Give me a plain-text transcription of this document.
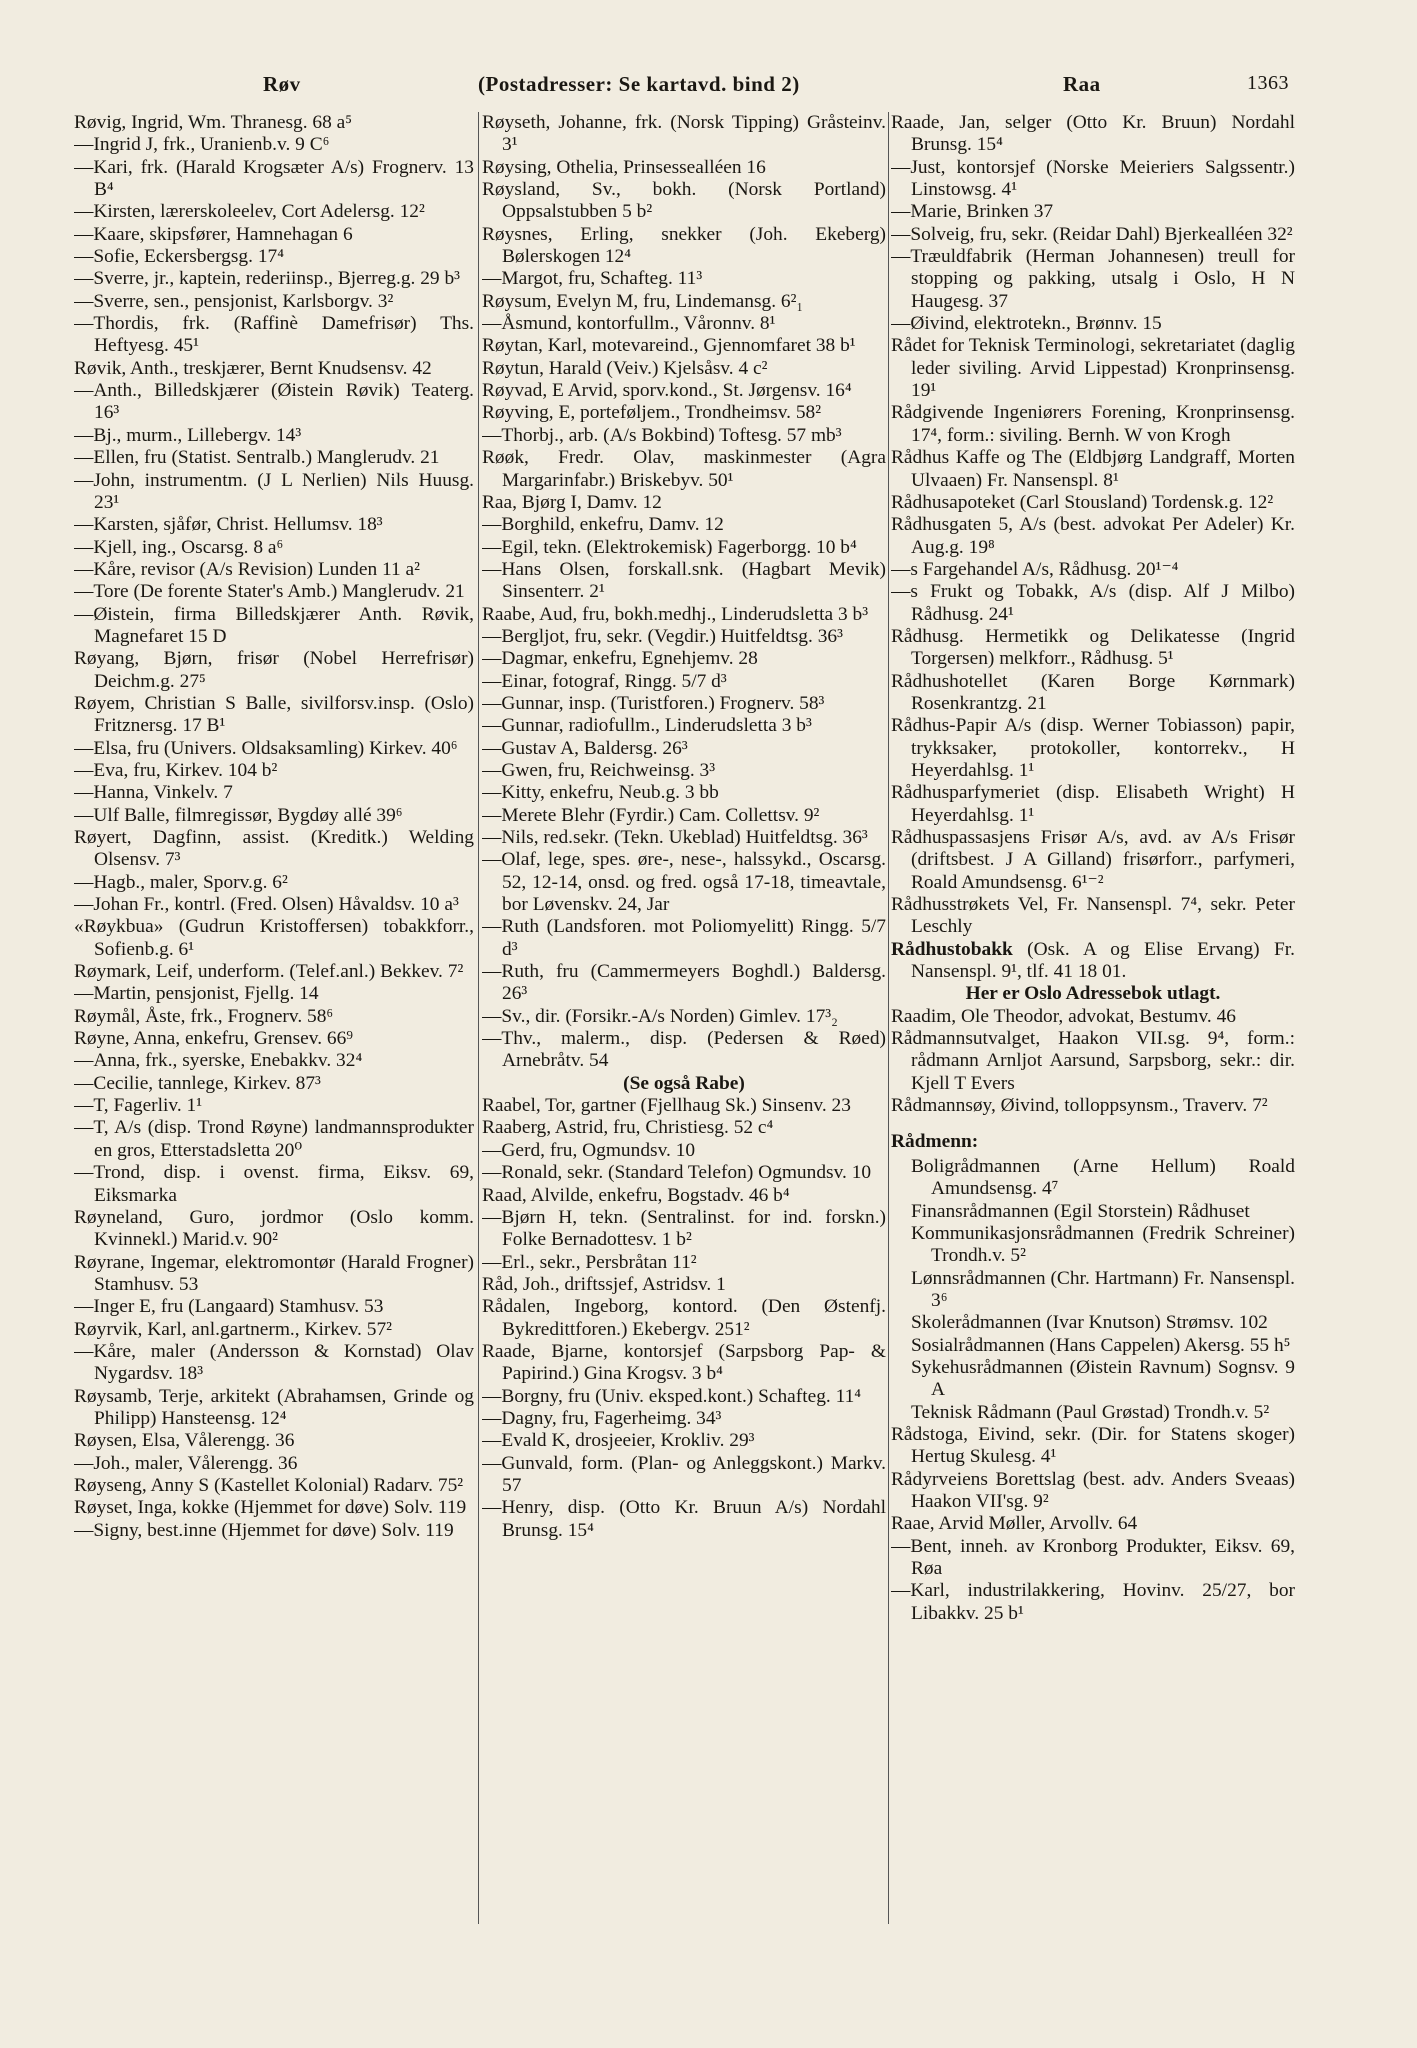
Røv	(Postadresser: Se kartavd. bind 2)	Raa	1363
Røvig, Ingrid, Wm. Thranesg. 68 a⁵
—Ingrid J, frk., Uranienb.v. 9 C⁶
—Kari, frk. (Harald Krogsæter A/s) Frognerv. 13 B⁴
—Kirsten, lærerskoleelev, Cort Adelersg. 12²
—Kaare, skipsfører, Hamnehagan 6
—Sofie, Eckersbergsg. 17⁴
—Sverre, jr., kaptein, rederiinsp., Bjerreg.g. 29 b³
—Sverre, sen., pensjonist, Karlsborgv. 3²
—Thordis, frk. (Raffinè Damefrisør) Ths. Heftyesg. 45¹
Røvik, Anth., treskjærer, Bernt Knudsensv. 42
—Anth., Billedskjærer (Øistein Røvik) Teaterg. 16³
—Bj., murm., Lillebergv. 14³
—Ellen, fru (Statist. Sentralb.) Manglerudv. 21
—John, instrumentm. (J L Nerlien) Nils Huusg. 23¹
—Karsten, sjåfør, Christ. Hellumsv. 18³
—Kjell, ing., Oscarsg. 8 a⁶
—Kåre, revisor (A/s Revision) Lunden 11 a²
—Tore (De forente Stater's Amb.) Manglerudv. 21
—Øistein, firma Billedskjærer Anth. Røvik, Magnefaret 15 D
Røyang, Bjørn, frisør (Nobel Herrefrisør) Deichm.g. 27⁵
Røyem, Christian S Balle, sivilforsv.insp. (Oslo) Fritznersg. 17 B¹
—Elsa, fru (Univers. Oldsaksamling) Kirkev. 40⁶
—Eva, fru, Kirkev. 104 b²
—Hanna, Vinkelv. 7
—Ulf Balle, filmregissør, Bygdøy allé 39⁶
Røyert, Dagfinn, assist. (Kreditk.) Welding Olsensv. 7³
—Hagb., maler, Sporv.g. 6²
—Johan Fr., kontrl. (Fred. Olsen) Håvaldsv. 10 a³
«Røykbua» (Gudrun Kristoffersen) tobakkforr., Sofienb.g. 6¹
Røymark, Leif, underform. (Telef.anl.) Bekkev. 7²
—Martin, pensjonist, Fjellg. 14
Røymål, Åste, frk., Frognerv. 58⁶
Røyne, Anna, enkefru, Grensev. 66⁹
—Anna, frk., syerske, Enebakkv. 32⁴
—Cecilie, tannlege, Kirkev. 87³
—T, Fagerliv. 1¹
—T, A/s (disp. Trond Røyne) landmannsprodukter en gros, Etterstadsletta 20⁰
—Trond, disp. i ovenst. firma, Eiksv. 69, Eiksmarka
Røyneland, Guro, jordmor (Oslo komm. Kvinnekl.) Marid.v. 90²
Røyrane, Ingemar, elektromontør (Harald Frogner) Stamhusv. 53
—Inger E, fru (Langaard) Stamhusv. 53
Røyrvik, Karl, anl.gartnerm., Kirkev. 57²
—Kåre, maler (Andersson & Kornstad) Olav Nygardsv. 18³
Røysamb, Terje, arkitekt (Abrahamsen, Grinde og Philipp) Hansteensg. 12⁴
Røysen, Elsa, Vålerengg. 36
—Joh., maler, Vålerengg. 36
Røyseng, Anny S (Kastellet Kolonial) Radarv. 75²
Røyset, Inga, kokke (Hjemmet for døve) Solv. 119
—Signy, best.inne (Hjemmet for døve) Solv. 119
Røyseth, Johanne, frk. (Norsk Tipping) Gråsteinv. 3¹
Røysing, Othelia, Prinsessealléen 16
Røysland, Sv., bokh. (Norsk Portland) Oppsalstubben 5 b²
Røysnes, Erling, snekker (Joh. Ekeberg) Bølerskogen 12⁴
—Margot, fru, Schafteg. 11³
Røysum, Evelyn M, fru, Lindemansg. 6²₁
—Åsmund, kontorfullm., Våronnv. 8¹
Røytan, Karl, motevareind., Gjennomfaret 38 b¹
Røytun, Harald (Veiv.) Kjelsåsv. 4 c²
Røyvad, E Arvid, sporv.kond., St. Jørgensv. 16⁴
Røyving, E, porteføljem., Trondheimsv. 58²
—Thorbj., arb. (A/s Bokbind) Toftesg. 57 mb³
Røøk, Fredr. Olav, maskinmester (Agra Margarinfabr.) Briskebyv. 50¹
Raa, Bjørg I, Damv. 12
—Borghild, enkefru, Damv. 12
—Egil, tekn. (Elektrokemisk) Fagerborgg. 10 b⁴
—Hans Olsen, forskall.snk. (Hagbart Mevik) Sinsenterr. 2¹
Raabe, Aud, fru, bokh.medhj., Linderudsletta 3 b³
—Bergljot, fru, sekr. (Vegdir.) Huitfeldtsg. 36³
—Dagmar, enkefru, Egnehjemv. 28
—Einar, fotograf, Ringg. 5/7 d³
—Gunnar, insp. (Turistforen.) Frognerv. 58³
—Gunnar, radiofullm., Linderudsletta 3 b³
—Gustav A, Baldersg. 26³
—Gwen, fru, Reichweinsg. 3³
—Kitty, enkefru, Neub.g. 3 bb
—Merete Blehr (Fyrdir.) Cam. Collettsv. 9²
—Nils, red.sekr. (Tekn. Ukeblad) Huitfeldtsg. 36³
—Olaf, lege, spes. øre-, nese-, halssykd., Oscarsg. 52, 12-14, onsd. og fred. også 17-18, timeavtale, bor Løvenskv. 24, Jar
—Ruth (Landsforen. mot Poliomyelitt) Ringg. 5/7 d³
—Ruth, fru (Cammermeyers Boghdl.) Baldersg. 26³
—Sv., dir. (Forsikr.-A/s Norden) Gimlev. 17³₂
—Thv., malerm., disp. (Pedersen & Røed) Arnebråtv. 54
(Se også Rabe)
Raabel, Tor, gartner (Fjellhaug Sk.) Sinsenv. 23
Raaberg, Astrid, fru, Christiesg. 52 c⁴
—Gerd, fru, Ogmundsv. 10
—Ronald, sekr. (Standard Telefon) Ogmundsv. 10
Raad, Alvilde, enkefru, Bogstadv. 46 b⁴
—Bjørn H, tekn. (Sentralinst. for ind. forskn.) Folke Bernadottesv. 1 b²
—Erl., sekr., Persbråtan 11²
Råd, Joh., driftssjef, Astridsv. 1
Rådalen, Ingeborg, kontord. (Den Østenfj. Bykredittforen.) Ekebergv. 251²
Raade, Bjarne, kontorsjef (Sarpsborg Pap- & Papirind.) Gina Krogsv. 3 b⁴
—Borgny, fru (Univ. eksped.kont.) Schafteg. 11⁴
—Dagny, fru, Fagerheimg. 34³
—Evald K, drosjeeier, Krokliv. 29³
—Gunvald, form. (Plan- og Anleggskont.) Markv. 57
—Henry, disp. (Otto Kr. Bruun A/s) Nordahl Brunsg. 15⁴
Raade, Jan, selger (Otto Kr. Bruun) Nordahl Brunsg. 15⁴
—Just, kontorsjef (Norske Meieriers Salgssentr.) Linstowsg. 4¹
—Marie, Brinken 37
—Solveig, fru, sekr. (Reidar Dahl) Bjerkealléen 32²
—Træuldfabrik (Herman Johannesen) treull for stopping og pakking, utsalg i Oslo, H N Haugesg. 37
—Øivind, elektrotekn., Brønnv. 15
Rådet for Teknisk Terminologi, sekretariatet (daglig leder siviling. Arvid Lippestad) Kronprinsensg. 19¹
Rådgivende Ingeniørers Forening, Kronprinsensg. 17⁴, form.: siviling. Bernh. W von Krogh
Rådhus Kaffe og The (Eldbjørg Landgraff, Morten Ulvaaen) Fr. Nansenspl. 8¹
Rådhusapoteket (Carl Stousland) Tordensk.g. 12²
Rådhusgaten 5, A/s (best. advokat Per Adeler) Kr. Aug.g. 19⁸
—s Fargehandel A/s, Rådhusg. 20¹⁻⁴
—s Frukt og Tobakk, A/s (disp. Alf J Milbo) Rådhusg. 24¹
Rådhusg. Hermetikk og Delikatesse (Ingrid Torgersen) melkforr., Rådhusg. 5¹
Rådhushotellet (Karen Borge Kørnmark) Rosenkrantzg. 21
Rådhus-Papir A/s (disp. Werner Tobiasson) papir, trykksaker, protokoller, kontorrekv., H Heyerdahlsg. 1¹
Rådhusparfymeriet (disp. Elisabeth Wright) H Heyerdahlsg. 1¹
Rådhuspassasjens Frisør A/s, avd. av A/s Frisør (driftsbest. J A Gilland) frisørforr., parfymeri, Roald Amundsensg. 6¹⁻²
Rådhusstrøkets Vel, Fr. Nansenspl. 7⁴, sekr. Peter Leschly
Rådhustobakk (Osk. A og Elise Ervang) Fr. Nansenspl. 9¹, tlf. 41 18 01.
Her er Oslo Adressebok utlagt.
Raadim, Ole Theodor, advokat, Bestumv. 46
Rådmannsutvalget, Haakon VII.sg. 9⁴, form.: rådmann Arnljot Aarsund, Sarpsborg, sekr.: dir. Kjell T Evers
Rådmannsøy, Øivind, tolloppsynsm., Traverv. 7²
Rådmenn:
Boligrådmannen (Arne Hellum) Roald Amundsensg. 4⁷
Finansrådmannen (Egil Storstein) Rådhuset
Kommunikasjonsrådmannen (Fredrik Schreiner) Trondh.v. 5²
Lønnsrådmannen (Chr. Hartmann) Fr. Nansenspl. 3⁶
Skolerådmannen (Ivar Knutson) Strømsv. 102
Sosialrådmannen (Hans Cappelen) Akersg. 55 h⁵
Sykehusrådmannen (Øistein Ravnum) Sognsv. 9 A
Teknisk Rådmann (Paul Grøstad) Trondh.v. 5²
Rådstoga, Eivind, sekr. (Dir. for Statens skoger) Hertug Skulesg. 4¹
Rådyrveiens Borettslag (best. adv. Anders Sveaas) Haakon VII'sg. 9²
Raae, Arvid Møller, Arvollv. 64
—Bent, inneh. av Kronborg Produkter, Eiksv. 69, Røa
—Karl, industrilakkering, Hovinv. 25/27, bor Libakkv. 25 b¹
